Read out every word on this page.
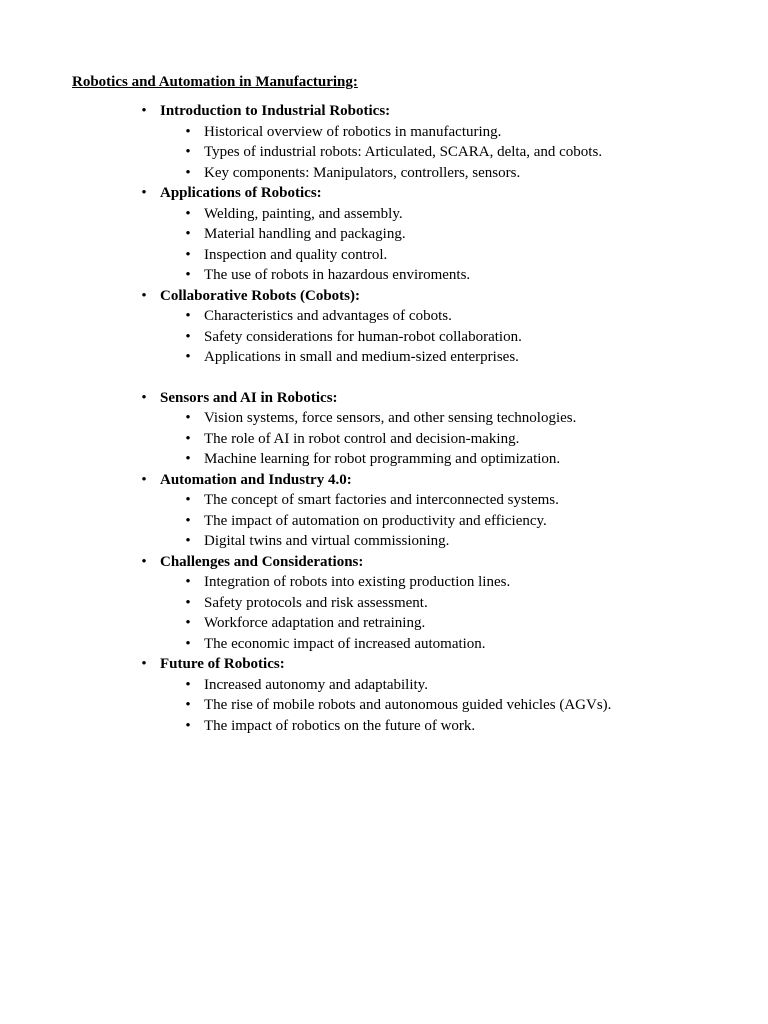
Robotics and Automation in Manufacturing:
• Introduction to Industrial Robotics:
• Historical overview of robotics in manufacturing.
• Types of industrial robots: Articulated, SCARA, delta, and cobots.
• Key components: Manipulators, controllers, sensors.
• Applications of Robotics:
• Welding, painting, and assembly.
• Material handling and packaging.
• Inspection and quality control.
• The use of robots in hazardous enviroments.
• Collaborative Robots (Cobots):
• Characteristics and advantages of cobots.
• Safety considerations for human-robot collaboration.
• Applications in small and medium-sized enterprises.
• Sensors and AI in Robotics:
• Vision systems, force sensors, and other sensing technologies.
• The role of AI in robot control and decision-making.
• Machine learning for robot programming and optimization.
• Automation and Industry 4.0:
• The concept of smart factories and interconnected systems.
• The impact of automation on productivity and efficiency.
• Digital twins and virtual commissioning.
• Challenges and Considerations:
• Integration of robots into existing production lines.
• Safety protocols and risk assessment.
• Workforce adaptation and retraining.
• The economic impact of increased automation.
• Future of Robotics:
• Increased autonomy and adaptability.
• The rise of mobile robots and autonomous guided vehicles (AGVs).
• The impact of robotics on the future of work.
